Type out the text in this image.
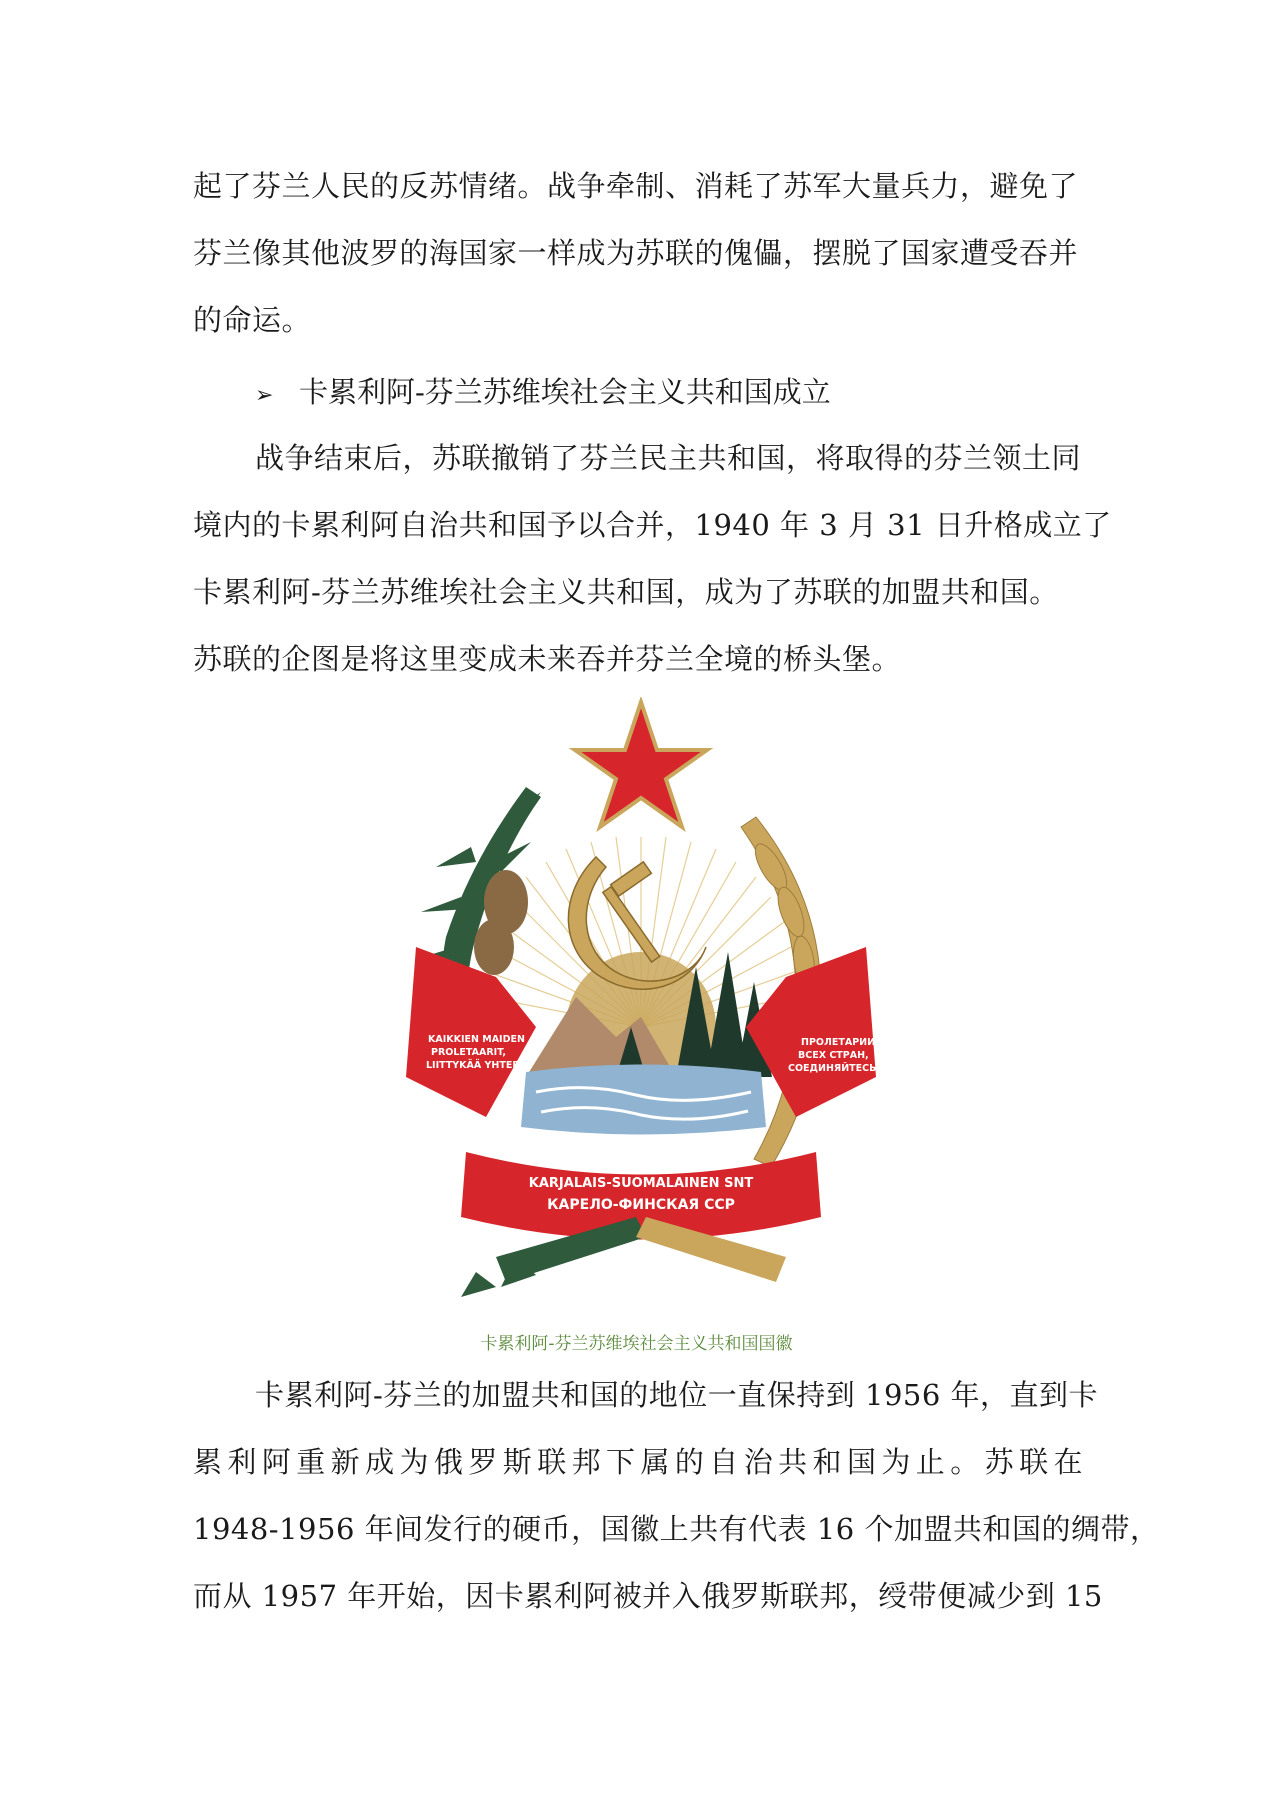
起了芬兰人民的反苏情绪。战争牵制、消耗了苏军大量兵力，避免了
芬兰像其他波罗的海国家一样成为苏联的傀儡，摆脱了国家遭受吞并
的命运。
➢ 卡累利阿-芬兰苏维埃社会主义共和国成立
战争结束后，苏联撤销了芬兰民主共和国，将取得的芬兰领土同
境内的卡累利阿自治共和国予以合并，1940 年 3 月 31 日升格成立了
卡累利阿-芬兰苏维埃社会主义共和国，成为了苏联的加盟共和国。
苏联的企图是将这里变成未来吞并芬兰全境的桥头堡。
KAIKKIEN MAIDEN
PROLETAARIT,
LIITTYKÄÄ YHTEEN!
ПРОЛЕТАРИИ
ВСЕХ СТРАН,
СОЕДИНЯЙТЕСЬ!
KARJALAIS-SUOMALAINEN SNT
КАРЕЛО-ФИНСКАЯ ССР
卡累利阿-芬兰苏维埃社会主义共和国国徽
卡累利阿-芬兰的加盟共和国的地位一直保持到 1956 年，直到卡
累利阿重新成为俄罗斯联邦下属的自治共和国为止。苏联在
1948-1956 年间发行的硬币，国徽上共有代表 16 个加盟共和国的绸带，
而从 1957 年开始，因卡累利阿被并入俄罗斯联邦，绶带便减少到 15
